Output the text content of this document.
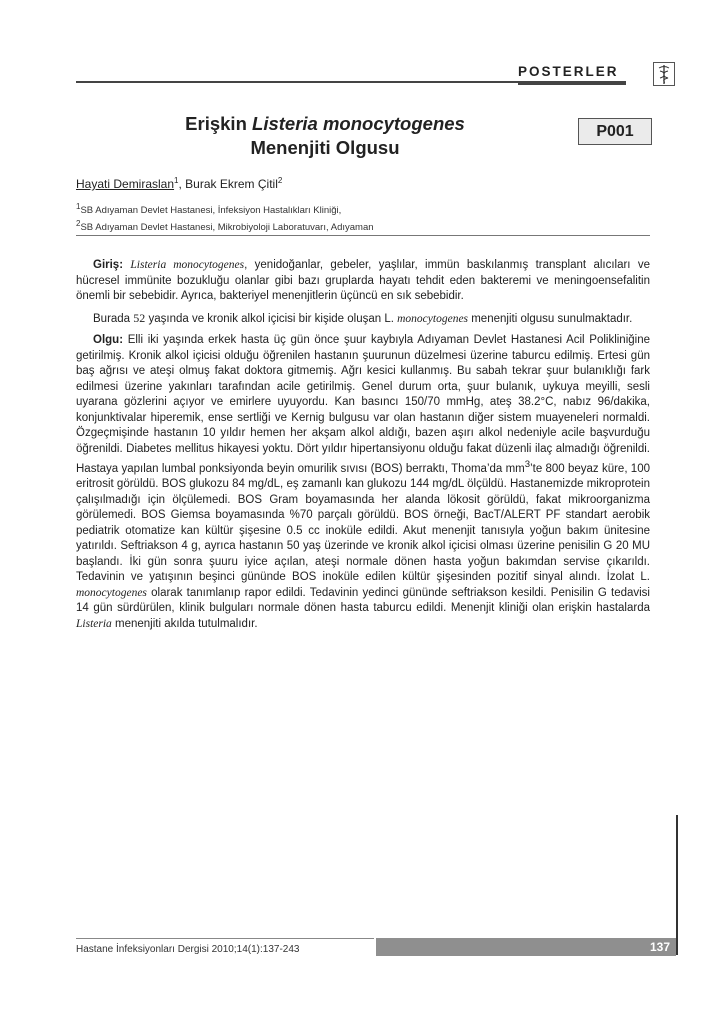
POSTERLER
Erişkin Listeria monocytogenes
Menenjiti Olgusu
P001
Hayati Demiraslan$^1$, Burak Ekrem Çitil$^2$
$^1$SB Adıyaman Devlet Hastanesi, İnfeksiyon Hastalıkları Kliniği,
$^2$SB Adıyaman Devlet Hastanesi, Mikrobiyoloji Laboratuvarı, Adıyaman

Giriş: Listeria monocytogenes, yenidoğanlar, gebeler, yaşlılar, immün baskılanmış transplant alıcıları ve hücresel immünite bozukluğu olanlar gibi bazı gruplarda hayatı tehdit eden bakteremi ve meningoensefalitin önemli bir sebebidir. Ayrıca, bakteriyel menenjitlerin üçüncü en sık sebebidir.

Burada 52 yaşında ve kronik alkol içicisi bir kişide oluşan L. monocytogenes menenjiti olgusu sunulmaktadır.

Olgu: Elli iki yaşında erkek hasta üç gün önce şuur kaybıyla Adıyaman Devlet Hastanesi Acil Polikliniğine getirilmiş. Kronik alkol içicisi olduğu öğrenilen hastanın şuurunun düzelmesi üzerine taburcu edilmiş. Ertesi gün baş ağrısı ve ateşi olmuş fakat doktora gitmemiş. Ağrı kesici kullanmış. Bu sabah tekrar şuur bulanıklığı fark edilmesi üzerine yakınları tarafından acile getirilmiş. Genel durum orta, şuur bulanık, uykuya meyilli, sesli uyarana gözlerini açıyor ve emirlere uyuyordu. Kan basıncı 150/70 mmHg, ateş 38.2°C, nabız 96/dakika, konjunktivalar hiperemik, ense sertliği ve Kernig bulgusu var olan hastanın diğer sistem muayeneleri normaldi. Özgeçmişinde hastanın 10 yıldır hemen her akşam alkol aldığı, bazen aşırı alkol nedeniyle acile başvurduğu öğrenildi. Diabetes mellitus hikayesi yoktu. Dört yıldır hipertansiyonu olduğu fakat düzenli ilaç almadığı öğrenildi. Hastaya yapılan lumbal ponksiyonda beyin omurilik sıvısı (BOS) berraktı, Thoma’da $mm^3’te$ 800 beyaz küre, 100 eritrosit görüldü. BOS glukozu 84 mg/dL, eş zamanlı kan glukozu 144 mg/dL ölçüldü. Hastanemizde mikroprotein çalışılmadığı için ölçülemedi. BOS Gram boyamasında her alanda lökosit görüldü, fakat mikroorganizma görülemedi. BOS Giemsa boyamasında %70 parçalı görüldü. BOS örneği, BacT/ALERT PF standart aerobik pediatrik otomatize kan kültür şişesine 0.5 cc inoküle edildi. Akut menenjit tanısıyla yoğun bakım ünitesine yatırıldı. Seftriakson 4 g, ayrıca hastanın 50 yaş üzerinde ve kronik alkol içicisi olması üzerine penisilin G 20 MU başlandı. İki gün sonra şuuru iyice açılan, ateşi normale dönen hasta yoğun bakımdan servise çıkarıldı. Tedavinin ve yatışının beşinci gününde BOS inoküle edilen kültür şişesinden pozitif sinyal alındı. İzolat L. monocytogenes olarak tanımlanıp rapor edildi. Tedavinin yedinci gününde seftriakson kesildi. Penisilin G tedavisi 14 gün sürdürülen, klinik bulguları normale dönen hasta taburcu edildi. Menenjit kliniği olan erişkin hastalarda Listeria menenjiti akılda tutulmalıdır.

Hastane İnfeksiyonları Dergisi 2010;14(1):137-243	137
